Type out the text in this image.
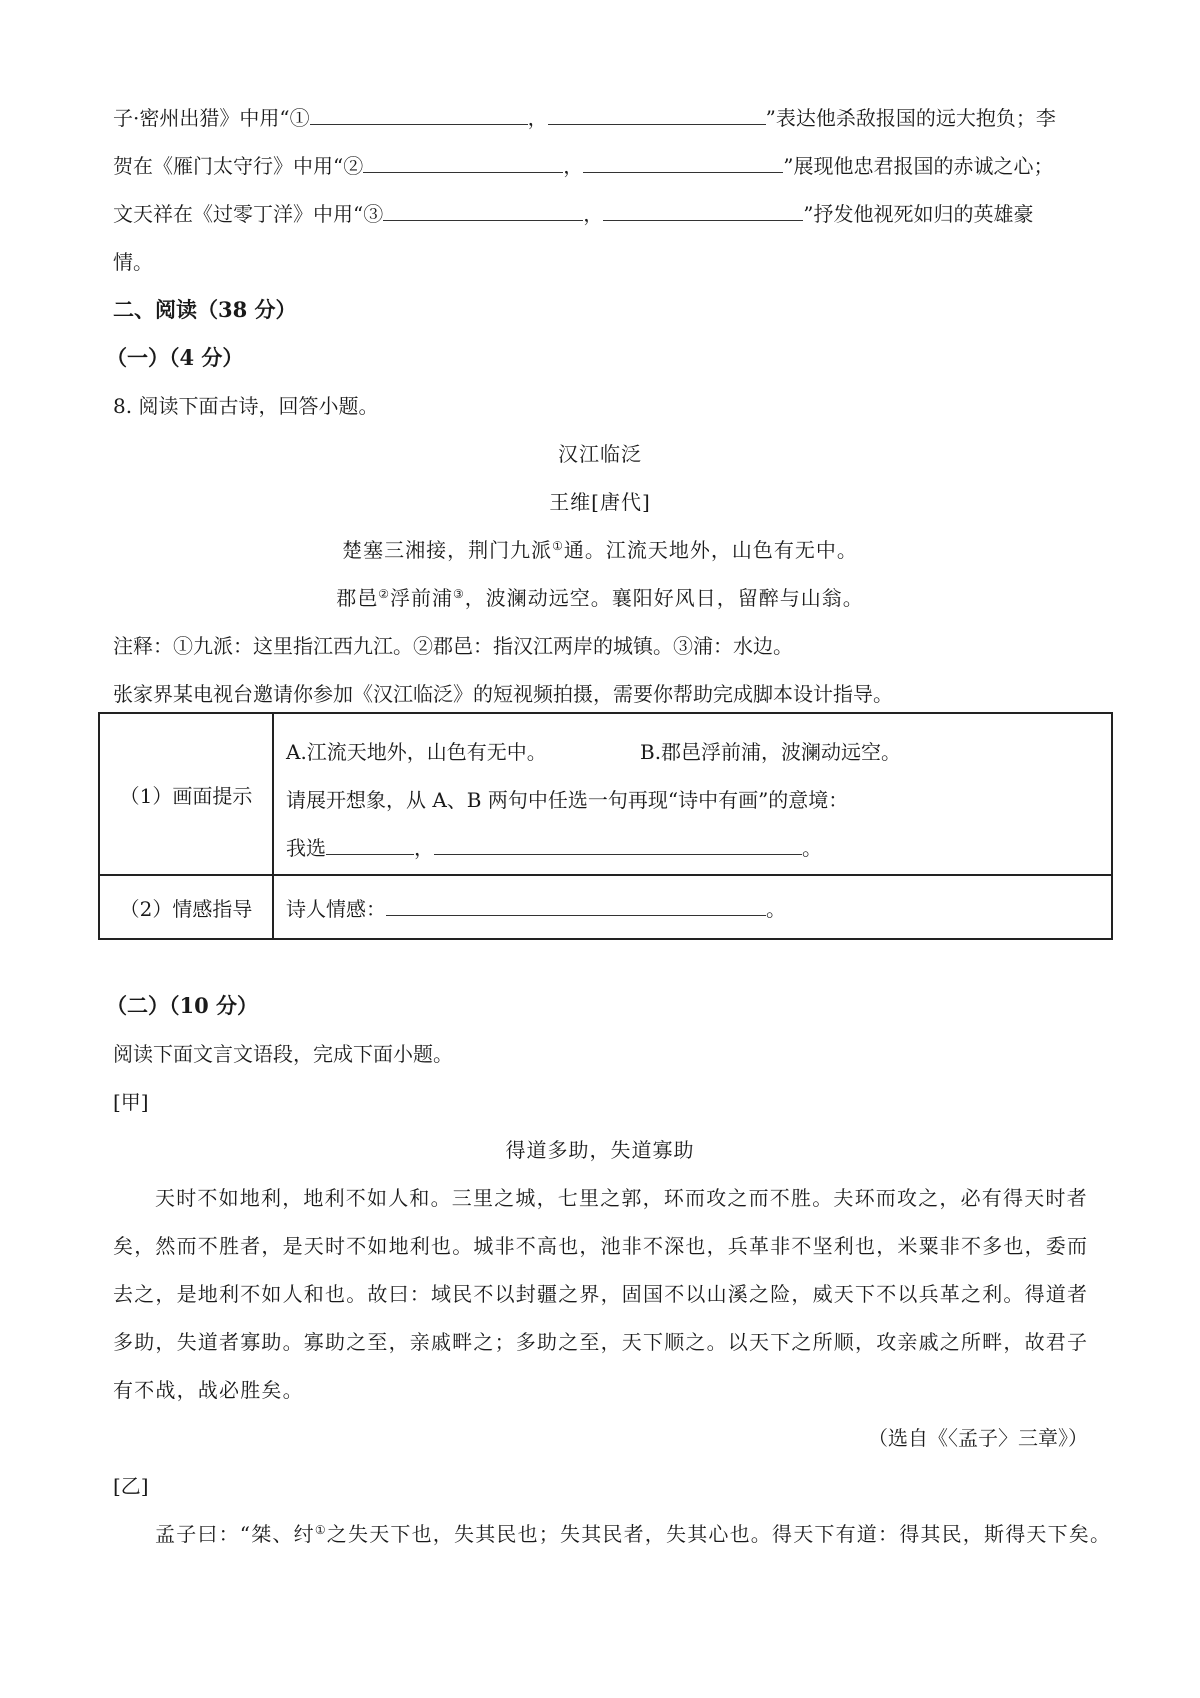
子·密州出猎》中用“①	，	”表达他杀敌报国的远大抱负；李
贺在《雁门太守行》中用“②	，	”展现他忠君报国的赤诚之心；
文天祥在《过零丁洋》中用“③	，	”抒发他视死如归的英雄豪
情。
二、阅读（38 分）
（一）（4 分）
8. 阅读下面古诗，回答小题。
汉江临泛
王维[唐代]
楚塞三湘接，荆门九派①通。江流天地外，山色有无中。
郡邑②浮前浦③，波澜动远空。襄阳好风日，留醉与山翁。
注释：①九派：这里指江西九江。②郡邑：指汉江两岸的城镇。③浦：水边。
张家界某电视台邀请你参加《汉江临泛》的短视频拍摄，需要你帮助完成脚本设计指导。
（1）画面提示	A.江流天地外，山色有无中。 B.郡邑浮前浦，波澜动远空。
请展开想象，从 A、B 两句中任选一句再现“诗中有画”的意境：
我选 ， 。

（2）情感指导	诗人情感： 。
（二）（10 分）
阅读下面文言文语段，完成下面小题。
[甲]
得道多助，失道寡助
天时不如地利，地利不如人和。三里之城，七里之郭，环而攻之而不胜。夫环而攻之，必有得天时者
矣，然而不胜者，是天时不如地利也。城非不高也，池非不深也，兵革非不坚利也，米粟非不多也，委而
去之，是地利不如人和也。故曰：域民不以封疆之界，固国不以山溪之险，威天下不以兵革之利。得道者
多助，失道者寡助。寡助之至，亲戚畔之；多助之至，天下顺之。以天下之所顺，攻亲戚之所畔，故君子
有不战，战必胜矣。
（选自《〈孟子〉三章》）
[乙]
孟子曰：“桀、纣①之失天下也，失其民也；失其民者，失其心也。得天下有道：得其民，斯得天下矣。
